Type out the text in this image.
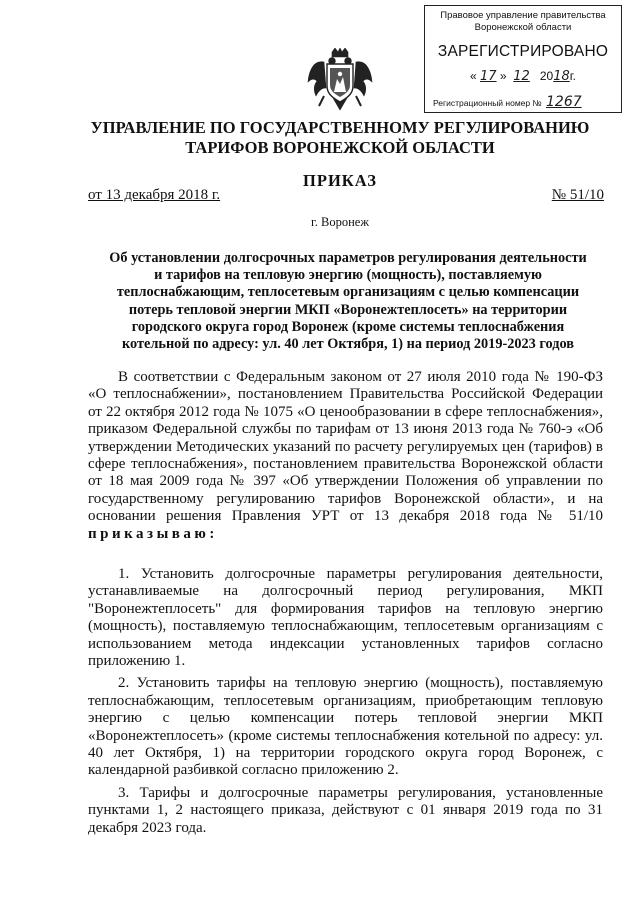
Правовое управление правительства Воронежской области
ЗАРЕГИСТРИРОВАНО
« 17 » 12 2018г.
Регистрационный номер № 1267
УПРАВЛЕНИЕ ПО ГОСУДАРСТВЕННОМУ РЕГУЛИРОВАНИЮ
ТАРИФОВ ВОРОНЕЖСКОЙ ОБЛАСТИ
ПРИКАЗ
от 13 декабря 2018 г.	№ 51/10
г. Воронеж
Об установлении долгосрочных параметров регулирования деятельности
и тарифов на тепловую энергию (мощность), поставляемую
теплоснабжающим, теплосетевым организациям с целью компенсации
потерь тепловой энергии МКП «Воронежтеплосеть» на территории
городского округа город Воронеж (кроме системы теплоснабжения
котельной по адресу: ул. 40 лет Октября, 1) на период 2019-2023 годов

В соответствии с Федеральным законом от 27 июля 2010 года № 190-ФЗ «О теплоснабжении», постановлением Правительства Российской Федерации от 22 октября 2012 года № 1075 «О ценообразовании в сфере теплоснабжения», приказом Федеральной службы по тарифам от 13 июня 2013 года № 760-э «Об утверждении Методических указаний по расчету регулируемых цен (тарифов) в сфере теплоснабжения», постановлением правительства Воронежской области от 18 мая 2009 года № 397 «Об утверждении Положения об управлении по государственному регулированию тарифов Воронежской области», и на основании решения Правления УРТ от 13 декабря 2018 года № 51/10 приказываю:

1. Установить долгосрочные параметры регулирования деятельности, устанавливаемые на долгосрочный период регулирования, МКП "Воронежтеплосеть" для формирования тарифов на тепловую энергию (мощность), поставляемую теплоснабжающим, теплосетевым организациям с использованием метода индексации установленных тарифов согласно приложению 1.

2. Установить тарифы на тепловую энергию (мощность), поставляемую теплоснабжающим, теплосетевым организациям, приобретающим тепловую энергию с целью компенсации потерь тепловой энергии МКП «Воронежтеплосеть» (кроме системы теплоснабжения котельной по адресу: ул. 40 лет Октября, 1) на территории городского округа город Воронеж, с календарной разбивкой согласно приложению 2.

3. Тарифы и долгосрочные параметры регулирования, установленные пунктами 1, 2 настоящего приказа, действуют с 01 января 2019 года по 31 декабря 2023 года.
